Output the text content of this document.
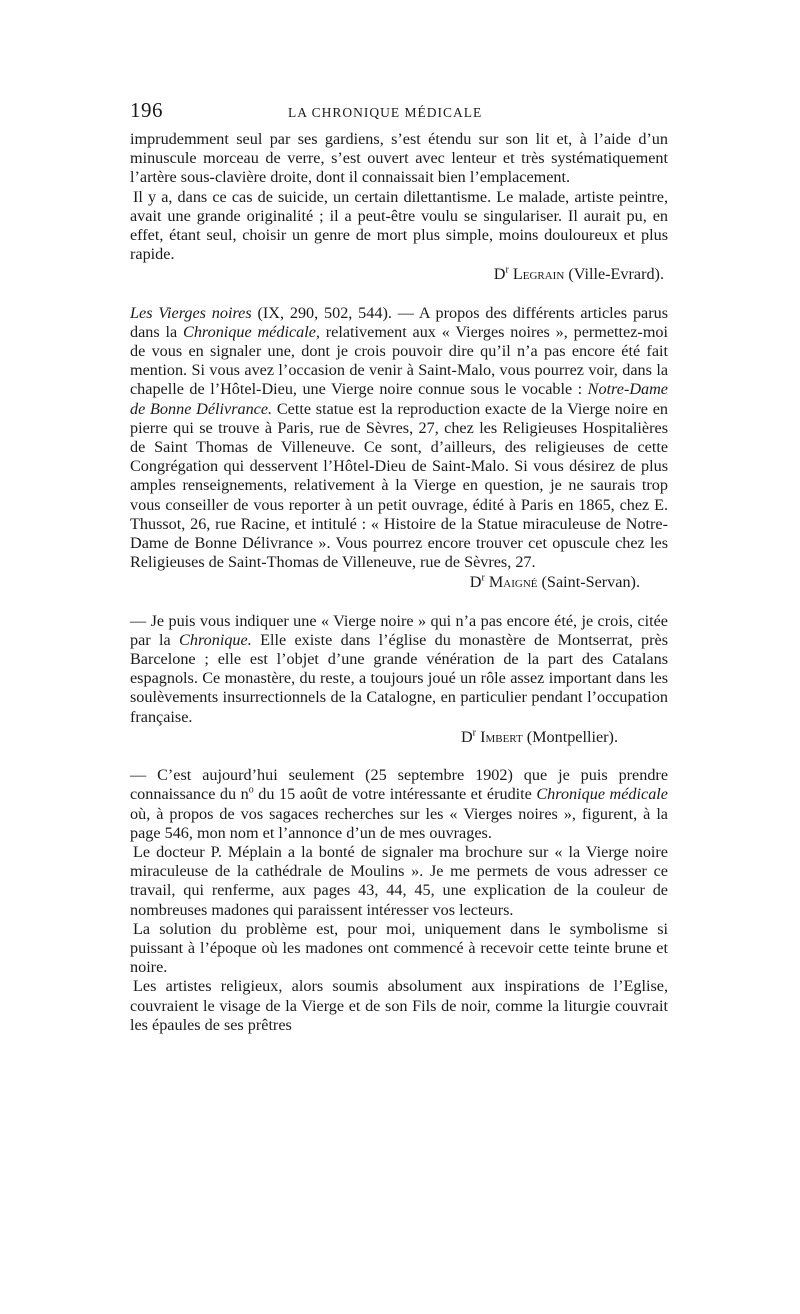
196	LA CHRONIQUE MÉDICALE

imprudemment seul par ses gardiens, s’est étendu sur son lit et, à l’aide d’un minuscule morceau de verre, s’est ouvert avec lenteur et très systématiquement l’artère sous-clavière droite, dont il connaissait bien l’emplacement.

Il y a, dans ce cas de suicide, un certain dilettantisme. Le malade, artiste peintre, avait une grande originalité ; il a peut-être voulu se singulariser. Il aurait pu, en effet, étant seul, choisir un genre de mort plus simple, moins douloureux et plus rapide.

$D^r$ Legrain (Ville-Evrard).

Les Vierges noires (IX, 290, 502, 544). — A propos des différents articles parus dans la Chronique médicale, relativement aux « Vierges noires », permettez-moi de vous en signaler une, dont je crois pouvoir dire qu’il n’a pas encore été fait mention. Si vous avez l’occasion de venir à Saint-Malo, vous pourrez voir, dans la chapelle de l’Hôtel-Dieu, une Vierge noire connue sous le vocable : Notre-Dame de Bonne Délivrance. Cette statue est la reproduction exacte de la Vierge noire en pierre qui se trouve à Paris, rue de Sèvres, 27, chez les Religieuses Hospitalières de Saint Thomas de Villeneuve. Ce sont, d’ailleurs, des religieuses de cette Congrégation qui desservent l’Hôtel-Dieu de Saint-Malo. Si vous désirez de plus amples renseignements, relativement à la Vierge en question, je ne saurais trop vous conseiller de vous reporter à un petit ouvrage, édité à Paris en 1865, chez E. Thussot, 26, rue Racine, et intitulé : « Histoire de la Statue miraculeuse de Notre-Dame de Bonne Délivrance ». Vous pourrez encore trouver cet opuscule chez les Religieuses de Saint-Thomas de Villeneuve, rue de Sèvres, 27.

$D^r$ Maigné (Saint-Servan).

— Je puis vous indiquer une « Vierge noire » qui n’a pas encore été, je crois, citée par la Chronique. Elle existe dans l’église du monastère de Montserrat, près Barcelone ; elle est l’objet d’une grande vénération de la part des Catalans espagnols. Ce monastère, du reste, a toujours joué un rôle assez important dans les soulèvements insurrectionnels de la Catalogne, en particulier pendant l’occupation française.

$D^r$ Imbert (Montpellier).

— C’est aujourd’hui seulement (25 septembre 1902) que je puis prendre connaissance du $n^o$ du 15 août de votre intéressante et érudite Chronique médicale où, à propos de vos sagaces recherches sur les « Vierges noires », figurent, à la page 546, mon nom et l’annonce d’un de mes ouvrages.

Le docteur P. Méplain a la bonté de signaler ma brochure sur « la Vierge noire miraculeuse de la cathédrale de Moulins ». Je me permets de vous adresser ce travail, qui renferme, aux pages 43, 44, 45, une explication de la couleur de nombreuses madones qui paraissent intéresser vos lecteurs.

La solution du problème est, pour moi, uniquement dans le symbolisme si puissant à l’époque où les madones ont commencé à recevoir cette teinte brune et noire.

Les artistes religieux, alors soumis absolument aux inspirations de l’Eglise, couvraient le visage de la Vierge et de son Fils de noir, comme la liturgie couvrait les épaules de ses prêtres
